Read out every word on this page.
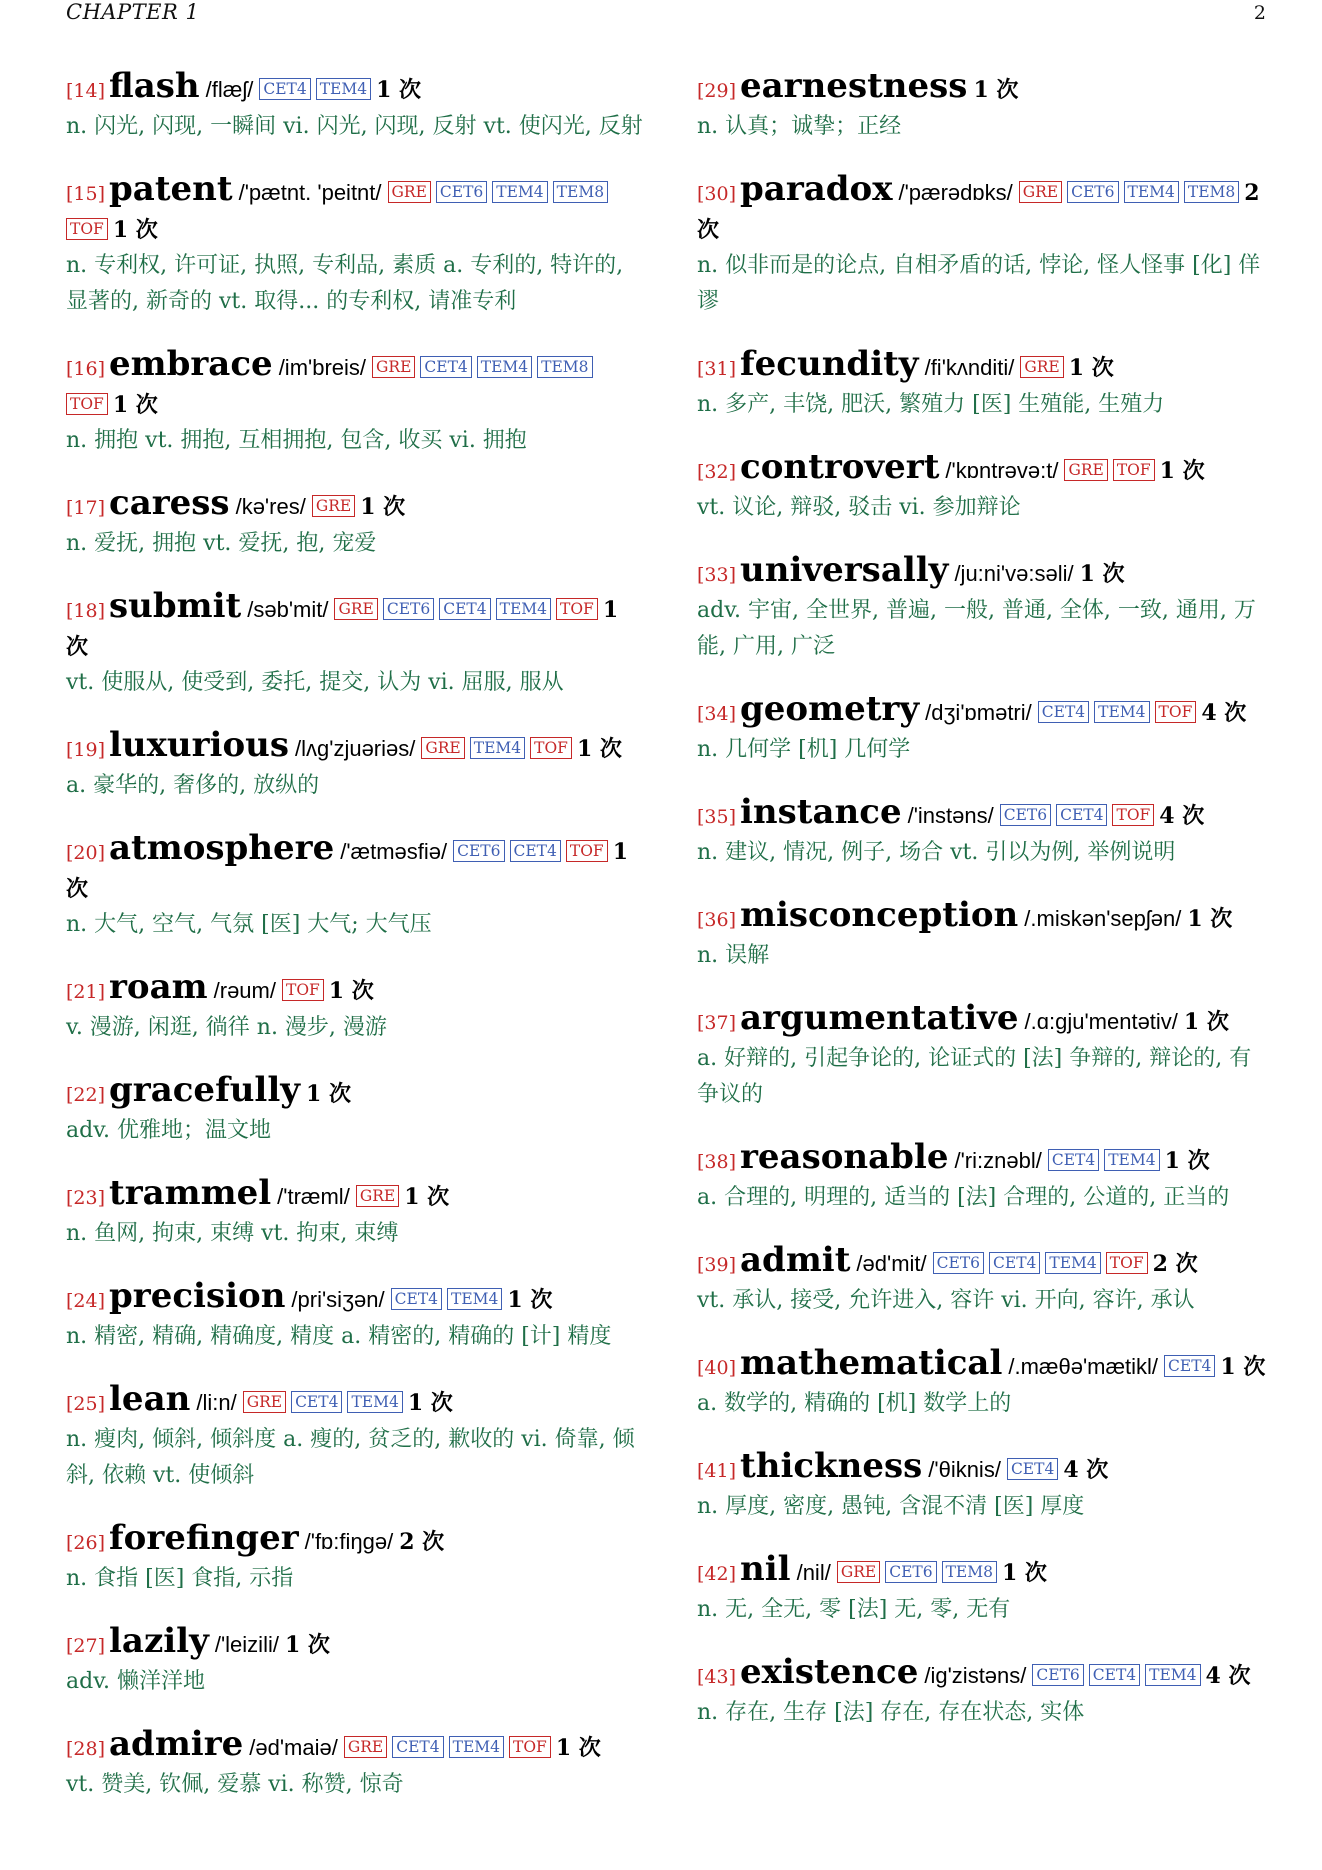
CHAPTER 1	2
[14] flash /flæʃ/ CET4 TEM4 1 次
n. 闪光, 闪现, 一瞬间 vi. 闪光, 闪现, 反射 vt. 使闪光, 反射
[15] patent /'pætnt. 'peitnt/ GRE CET6 TEM4 TEM8TOF 1 次
n. 专利权, 许可证, 执照, 专利品, 素质 a. 专利的, 特许的, 显著的, 新奇的 vt. 取得... 的专利权, 请准专利
[16] embrace /im'breis/ GRE CET4 TEM4 TEM8TOF 1 次
n. 拥抱 vt. 拥抱, 互相拥抱, 包含, 收买 vi. 拥抱
[17] caress /kə'res/ GRE 1 次
n. 爱抚, 拥抱 vt. 爱抚, 抱, 宠爱
[18] submit /səb'mit/ GRE CET6 CET4 TEM4 TOF 1 次
vt. 使服从, 使受到, 委托, 提交, 认为 vi. 屈服, 服从
[19] luxurious /lʌg'zjuəriəs/ GRE TEM4 TOF 1 次
a. 豪华的, 奢侈的, 放纵的
[20] atmosphere /'ætməsfiə/ CET6 CET4 TOF 1 次
n. 大气, 空气, 气氛 [医] 大气; 大气压
[21] roam /rəum/ TOF 1 次
v. 漫游, 闲逛, 徜徉 n. 漫步, 漫游
[22] gracefully 1 次
adv. 优雅地；温文地
[23] trammel /'træml/ GRE 1 次
n. 鱼网, 拘束, 束缚 vt. 拘束, 束缚
[24] precision /pri'siʒən/ CET4 TEM4 1 次
n. 精密, 精确, 精确度, 精度 a. 精密的, 精确的 [计] 精度
[25] lean /li:n/ GRE CET4 TEM4 1 次
n. 瘦肉, 倾斜, 倾斜度 a. 瘦的, 贫乏的, 歉收的 vi. 倚靠, 倾斜, 依赖 vt. 使倾斜
[26] forefinger /'fɒ:fiŋgə/ 2 次
n. 食指 [医] 食指, 示指
[27] lazily /'leizili/ 1 次
adv. 懒洋洋地
[28] admire /əd'maiə/ GRE CET4 TEM4 TOF 1 次
vt. 赞美, 钦佩, 爱慕 vi. 称赞, 惊奇
[29] earnestness 1 次
n. 认真；诚挚；正经
[30] paradox /'pærədɒks/ GRE CET6 TEM4 TEM8 2 次
n. 似非而是的论点, 自相矛盾的话, 悖论, 怪人怪事 [化] 佯谬
[31] fecundity /fi'kʌnditi/ GRE 1 次
n. 多产, 丰饶, 肥沃, 繁殖力 [医] 生殖能, 生殖力
[32] controvert /'kɒntrəvə:t/ GRE TOF 1 次
vt. 议论, 辩驳, 驳击 vi. 参加辩论
[33] universally /ju:ni'və:səli/ 1 次
adv. 宇宙, 全世界, 普遍, 一般, 普通, 全体, 一致, 通用, 万能, 广用, 广泛
[34] geometry /dʒi'ɒmətri/ CET4 TEM4 TOF 4 次
n. 几何学 [机] 几何学
[35] instance /'instəns/ CET6 CET4 TOF 4 次
n. 建议, 情况, 例子, 场合 vt. 引以为例, 举例说明
[36] misconception /.miskən'sepʃən/ 1 次
n. 误解
[37] argumentative /.ɑ:gju'mentətiv/ 1 次
a. 好辩的, 引起争论的, 论证式的 [法] 争辩的, 辩论的, 有争议的
[38] reasonable /'ri:znəbl/ CET4 TEM4 1 次
a. 合理的, 明理的, 适当的 [法] 合理的, 公道的, 正当的
[39] admit /əd'mit/ CET6 CET4 TEM4 TOF 2 次
vt. 承认, 接受, 允许进入, 容许 vi. 开向, 容许, 承认
[40] mathematical /.mæθə'mætikl/ CET4 1 次
a. 数学的, 精确的 [机] 数学上的
[41] thickness /'θiknis/ CET4 4 次
n. 厚度, 密度, 愚钝, 含混不清 [医] 厚度
[42] nil /nil/ GRE CET6 TEM8 1 次
n. 无, 全无, 零 [法] 无, 零, 无有
[43] existence /ig'zistəns/ CET6 CET4 TEM4 4 次
n. 存在, 生存 [法] 存在, 存在状态, 实体
